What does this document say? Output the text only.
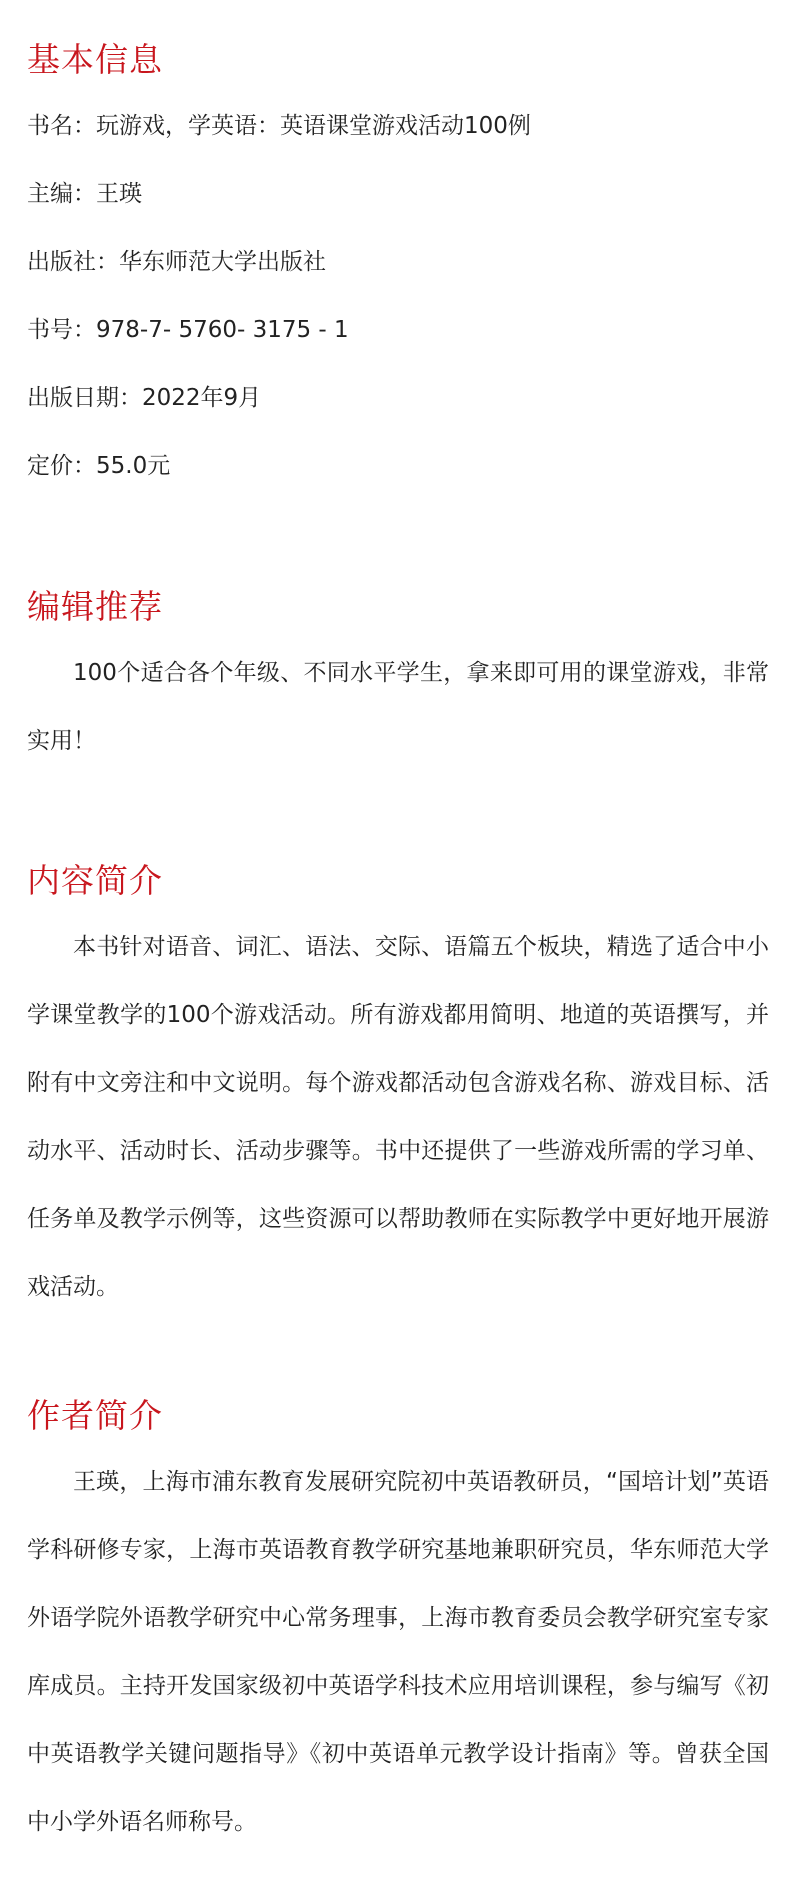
基本信息

书名：玩游戏，学英语：英语课堂游戏活动100例

主编：王瑛

出版社：华东师范大学出版社

书号：978-7- 5760- 3175 - 1

出版日期：2022年9月

定价：55.0元

编辑推荐

100个适合各个年级、不同水平学生，拿来即可用的课堂游戏，非常实用！

内容简介

本书针对语音、词汇、语法、交际、语篇五个板块，精选了适合中小学课堂教学的100个游戏活动。所有游戏都用简明、地道的英语撰写，并附有中文旁注和中文说明。每个游戏都活动包含游戏名称、游戏目标、活动水平、活动时长、活动步骤等。书中还提供了一些游戏所需的学习单、任务单及教学示例等，这些资源可以帮助教师在实际教学中更好地开展游戏活动。

作者简介

王瑛，上海市浦东教育发展研究院初中英语教研员，“国培计划”英语学科研修专家，上海市英语教育教学研究基地兼职研究员，华东师范大学外语学院外语教学研究中心常务理事，上海市教育委员会教学研究室专家库成员。主持开发国家级初中英语学科技术应用培训课程，参与编写《初中英语教学关键问题指导》《初中英语单元教学设计指南》等。曾获全国中小学外语名师称号。
